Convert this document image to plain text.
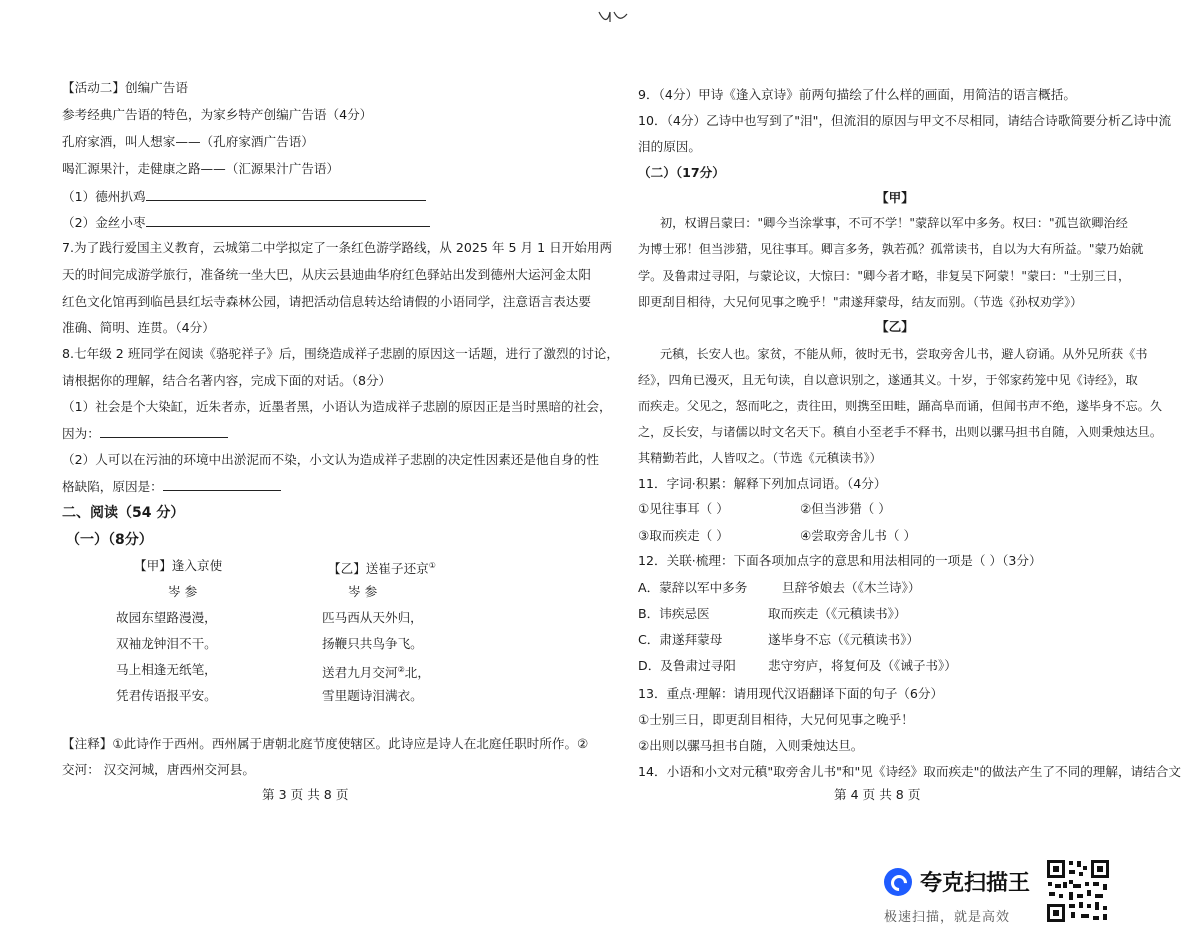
【活动二】创编广告语
参考经典广告语的特色，为家乡特产创编广告语（4分）
孔府家酒，叫人想家——（孔府家酒广告语）
喝汇源果汁，走健康之路——（汇源果汁广告语）
（1）德州扒鸡
（2）金丝小枣
7.为了践行爱国主义教育，云城第二中学拟定了一条红色游学路线，从 2025 年 5 月 1 日开始用两
天的时间完成游学旅行，准备统一坐大巴，从庆云县迪曲华府红色驿站出发到德州大运河金太阳
红色文化馆再到临邑县红坛寺森林公园，请把活动信息转达给请假的小语同学，注意语言表达要
准确、简明、连贯。（4分）
8.七年级 2 班同学在阅读《骆驼祥子》后，围绕造成祥子悲剧的原因这一话题，进行了激烈的讨论，
请根据你的理解，结合名著内容，完成下面的对话。（8分）
（1）社会是个大染缸，近朱者赤，近墨者黑，小语认为造成祥子悲剧的原因正是当时黑暗的社会，
因为：
（2）人可以在污油的环境中出淤泥而不染，小文认为造成祥子悲剧的决定性因素还是他自身的性
格缺陷，原因是：
二、阅读（54 分）
（一）（8分）
【甲】逢入京使
岑 参
故园东望路漫漫，
双袖龙钟泪不干。
马上相逢无纸笔，
凭君传语报平安。
【乙】送崔子还京①
岑 参
匹马西从天外归，
扬鞭只共鸟争飞。
送君九月交河②北，
雪里题诗泪满衣。
【注释】①此诗作于西州。西州属于唐朝北庭节度使辖区。此诗应是诗人在北庭任职时所作。②
交河： 汉交河城，唐西州交河县。
第 3 页 共 8 页
9．（4分）甲诗《逢入京诗》前两句描绘了什么样的画面，用简洁的语言概括。
10．（4分）乙诗中也写到了"泪"，但流泪的原因与甲文不尽相同，请结合诗歌简要分析乙诗中流
泪的原因。
（二）（17分）
【甲】
初，权谓吕蒙曰："卿今当涂掌事，不可不学！"蒙辞以军中多务。权曰："孤岂欲卿治经
为博士邪！但当涉猎，见往事耳。卿言多务，孰若孤？孤常读书，自以为大有所益。"蒙乃始就
学。及鲁肃过寻阳，与蒙论议，大惊曰："卿今者才略，非复吴下阿蒙！"蒙曰："士别三日，
即更刮目相待，大兄何见事之晚乎！"肃遂拜蒙母，结友而别。（节选《孙权劝学》）
【乙】
元稹，长安人也。家贫，不能从师，彼时无书，尝取旁舍儿书，避人窃诵。从外兄所获《书
经》，四角已漫灭，且无句读，自以意识别之，遂通其义。十岁，于邻家药笼中见《诗经》，取
而疾走。父见之，怒而叱之，责往田，则携至田畦，踊高阜而诵，但闻书声不绝，遂毕身不忘。久
之，反长安，与诸儒以时文名天下。稹自小至老手不释书，出则以骡马担书自随，入则秉烛达旦。
其精勤若此，人皆叹之。（节选《元稹读书》）
11．字词·积累：解释下列加点词语。（4分）
①见往事耳（ ）	②但当涉猎（ ）
③取而疾走（ ）	④尝取旁舍儿书（ ）
12．关联·梳理：下面各项加点字的意思和用法相同的一项是（ ）（3分）
A．蒙辞以军中多务	旦辞爷娘去（《木兰诗》）
B．讳疾忌医	取而疾走（《元稹读书》）
C．肃遂拜蒙母	遂毕身不忘（《元稹读书》）
D．及鲁肃过寻阳	悲守穷庐，将复何及（《诫子书》）
13．重点·理解：请用现代汉语翻译下面的句子（6分）
①士别三日，即更刮目相待，大兄何见事之晚乎！
②出则以骡马担书自随，入则秉烛达旦。
14．小语和小文对元稹"取旁舍儿书"和"见《诗经》取而疾走"的做法产生了不同的理解，请结合文
第 4 页 共 8 页
夸克扫描王
极速扫描，就是高效
